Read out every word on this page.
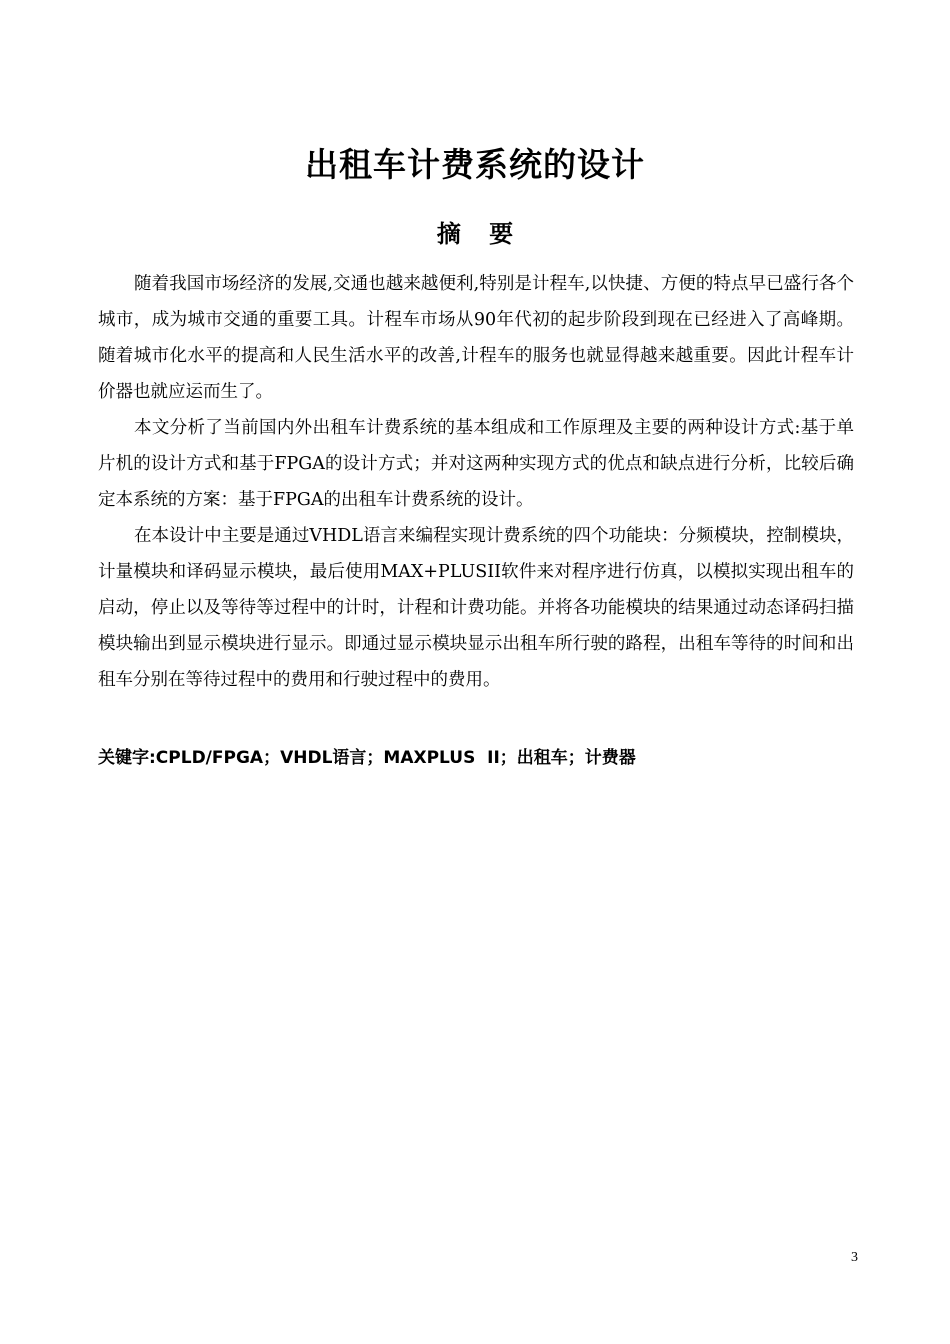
出租车计费系统的设计
摘 要

随着我国市场经济的发展,交通也越来越便利,特别是计程车,以快捷、方便的特点早已盛行各个城市，成为城市交通的重要工具。计程车市场从90年代初的起步阶段到现在已经进入了高峰期。随着城市化水平的提高和人民生活水平的改善,计程车的服务也就显得越来越重要。因此计程车计价器也就应运而生了。

本文分析了当前国内外出租车计费系统的基本组成和工作原理及主要的两种设计方式:基于单片机的设计方式和基于FPGA的设计方式；并对这两种实现方式的优点和缺点进行分析，比较后确定本系统的方案：基于FPGA的出租车计费系统的设计。

在本设计中主要是通过VHDL语言来编程实现计费系统的四个功能块：分频模块，控制模块，计量模块和译码显示模块，最后使用MAX+PLUSII软件来对程序进行仿真，以模拟实现出租车的启动，停止以及等待等过程中的计时，计程和计费功能。并将各功能模块的结果通过动态译码扫描模块输出到显示模块进行显示。即通过显示模块显示出租车所行驶的路程，出租车等待的时间和出租车分别在等待过程中的费用和行驶过程中的费用。

关键字:CPLD/FPGA；VHDL语言；MAXPLUS  II；出租车；计费器
3
